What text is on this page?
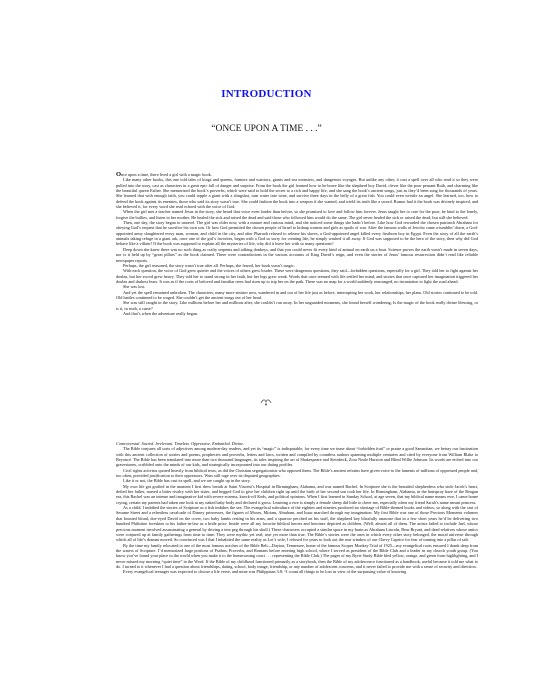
INTRODUCTION
“ONCE UPON A TIME . . .”

Once upon a time, there lived a girl with a magic book.

Like many other books, this one told tales of kings and queens, farmers and warriors, giants and sea monsters, and dangerous voyages. But unlike any other, it cast a spell over all who read it so they were pulled into the story, cast as characters in a great epic full of danger and surprise. From the book the girl learned how to be brave like the shepherd boy David, clever like the poor peasant Ruth, and charming like the beautiful queen Esther. She memorized the book’s proverbs, which were said to hold the secret to a rich and happy life, and she sang the book’s ancient songs, just as they’d been sung for thousands of years. She learned that with enough faith, you could topple a giant with a slingshot, turn water into wine, and survive three days in the belly of a great fish. You could even wrestle an angel. She learned, too, how to defend the book against its enemies, those who said its story wasn’t true. She could fashion the book into a weapon if she wanted, and wield its truth like a sword. Rumor had it the book was divinely inspired, and she believed it, for every word she read echoed with the voice of God.

When the girl met a teacher named Jesus in the story, she heard that voice even louder than before, so she promised to love and follow him forever. Jesus taught her to care for the poor, be kind to the lonely, forgive the bullies, and listen to her mother. He healed the sick and raised the dead and said those who followed him would do the same. The girl never healed the sick or raised the dead, but still she believed.

Then, one day, the story began to unravel. The girl was older now, with a mature and curious mind, and she noticed some things she hadn’t before. Like how God rewarded the chosen patriarch Abraham for obeying God’s request that he sacrifice his own son. Or how God permitted the chosen people of Israel to kidnap women and girls as spoils of war. After the famous walls of Jericho came a-tumblin’ down, a God-appointed army slaughtered every man, woman, and child in the city, and after Pharaoh refused to release his slaves, a God-appointed angel killed every firstborn boy in Egypt. Even the story of all the earth’s animals taking refuge in a giant ark, once one of the girl’s favorites, began with a God so sorry for creating life, he simply washed it all away. If God was supposed to be the hero of the story, then why did God behave like a villain? If the book was supposed to explain all the mysteries of life, why did it leave her with so many questions?

Deep down she knew there was no such thing as crafty serpents and talking donkeys, and that you could never fit every kind of animal on earth on a boat. Science proves the earth wasn’t made in seven days, nor is it held up by “great pillars” as the book claimed. There were contradictions in the various accounts of King David’s reign, and even the stories of Jesus’ famous resurrection didn’t read like reliable newspaper reports.

Perhaps, the girl reasoned, the story wasn’t true after all. Perhaps, she feared, her book wasn’t magic.

With each question, the voice of God grew quieter and the voices of others grew louder. These were dangerous questions, they said—forbidden questions, especially for a girl. They told her to fight against her doubts, but her sword grew heavy. They told her to stand strong in her faith, but her legs grew weak. Words that once teemed with life settled her mind, and stories that once captured her imagination triggered her doubts and darkest fears. It was as if the roots of beloved and familiar trees had risen up to trip her on the path. There was no map for a world suddenly rearranged, no incantation to light the road ahead.

She was lost.

And yet the spell remained unbroken. The characters, many more sinister now, wandered in and out of her life just as before, interrupting her work, her relationships, her plans. Old stories continued to be told. Old battles continued to be waged. She couldn’t get the ancient songs out of her head.

She was still caught in the story. Like millions before her and millions after, she couldn’t run away. In her unguarded moments, she found herself wondering, Is the magic of the book really divine blessing, or is it, in truth, a curse?

And that’s when the adventure really began.

Controversial. Sacred. Irrelevant. Timeless. Oppressive. Embattled. Divine.

The Bible conjures all sorts of adjectives among modern-day readers, and yet its “magic” is indisputable, for every time we tease about “forbidden fruit” or praise a good Samaritan, we betray our fascination with this ancient collection of stories and poems, prophecies and proverbs, letters and laws, written and compiled by countless authors spanning multiple centuries and cited by everyone from William Blake to Beyoncé. The Bible has been translated into more than two thousand languages, its tales inspiring the art of Shakespeare and Steinbeck, Zora Neale Hurston and Blind Willie Johnson. Its words are etched into our gravestones, scribbled onto the minds of our kids, and strategically incorporated into our dating profiles.

Civil rights activists quoted heavily from biblical texts, as did the Christian segregationists who opposed them. The Bible’s ancient refrains have given voice to the laments of millions of oppressed people and, too often, provided justification to their oppressors. Wars still rage over its disputed geographies.

Like it or not, the Bible has cast its spell, and we are caught up in the story.

My own life got grafted in the moment I first drew breath at Saint Vincent’s Hospital in Birmingham, Alabama, and was named Rachel. In Scripture she is the beautiful shepherdess who stole Jacob’s heart, defied her father, nursed a bitter rivalry with her sister, and begged God to give her children right up until the birth of her second son took her life. In Birmingham, Alabama, in the hairspray haze of the Reagan era, this Rachel was an intense and imaginative kid with severe eczema, knock-off Keds, and political opinions. When I first learned in Sunday School, at age seven, that my biblical name means ewe, I came home crying, certain my parents had taken one look at my naked baby body and declared it gross. Learning a ewe is simply a female sheep did little to cheer me, especially when my friend Sarah’s name meant princess.

As a child, I imbibed the stories of Scripture as a fish imbibes the sea. The evangelical subculture of the eighties and nineties produced no shortage of Bible-themed books and videos, so along with the cast of Sesame Street and a relentless cavalcade of Disney princesses, the figures of Moses, Miriam, Abraham, and Isaac marched through my imagination. My first Bible was one of those Precious Moments volumes that boasted blond, doe-eyed David on the cover, two baby lambs resting in his arms, and a sparrow perched on his staff, the shepherd boy blissfully unaware that in a few short years he’d be delivering two hundred Philistine foreskins to his father-in-law as a bride price. Inside were all my favorite biblical heroes and heroines depicted as children. (Well, almost all of them. The artists failed to include Jael, whose precious moment involved assassinating a general by driving a tent peg through his skull.) These characters occupied a similar space in my brain as Abraham Lincoln, Bear Bryant, and dead relatives whose antics were conjured up at family gatherings from time to time: They were mythic yet real; true yet more than true. The Bible’s stories were the ones in which every other story belonged, the moral universe through which all of life’s dramas moved. So convinced was I that I inhabited the same reality as Lot’s wife, I refused for years to look out the rear window of our Chevy Caprice for fear of turning into a pillar of salt.

By the time my family relocated to one of the most famous notches of the Bible Belt—Dayton, Tennessee, home of the famous Scopes Monkey Trial of 1925—my evangelical roots ensured I drank deep from the waters of Scripture. I’d memorized large portions of Psalms, Proverbs, and Romans before entering high school, where I served as president of the Bible Club and a leader in my church youth group. (You know you’ve found your place in the world when you make it to the homecoming court . . . representing the Bible Club.) The pages of my Ryrie Study Bible bled yellow, orange, and green from highlighting, and I never missed my morning “quiet time” in the Word. If the Bible of my childhood functioned primarily as a storybook, then the Bible of my adolescence functioned as a handbook, useful because it told me what to do. I turned to it whenever I had a question about friendships, dating, school, body image, friendship, or any number of adolescent concerns, and it never failed to provide me with a sense of security and direction.

Every evangelical teenager was expected to choose a life verse, and mine was Philippians 3:8: “I count all things to be loss in view of the surpassing value of knowing
